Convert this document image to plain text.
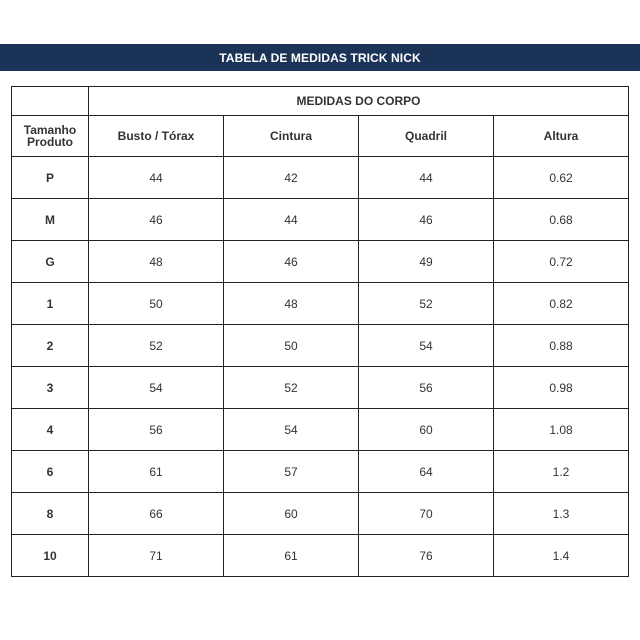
TABELA DE MEDIDAS TRICK NICK
	MEDIDAS DO CORPO			

Tamanho
Produto	Busto / Tórax	Cintura	Quadril	Altura
P	44	42	44	0.62
M	46	44	46	0.68
G	48	46	49	0.72
1	50	48	52	0.82
2	52	50	54	0.88
3	54	52	56	0.98
4	56	54	60	1.08
6	61	57	64	1.2
8	66	60	70	1.3
10	71	61	76	1.4
